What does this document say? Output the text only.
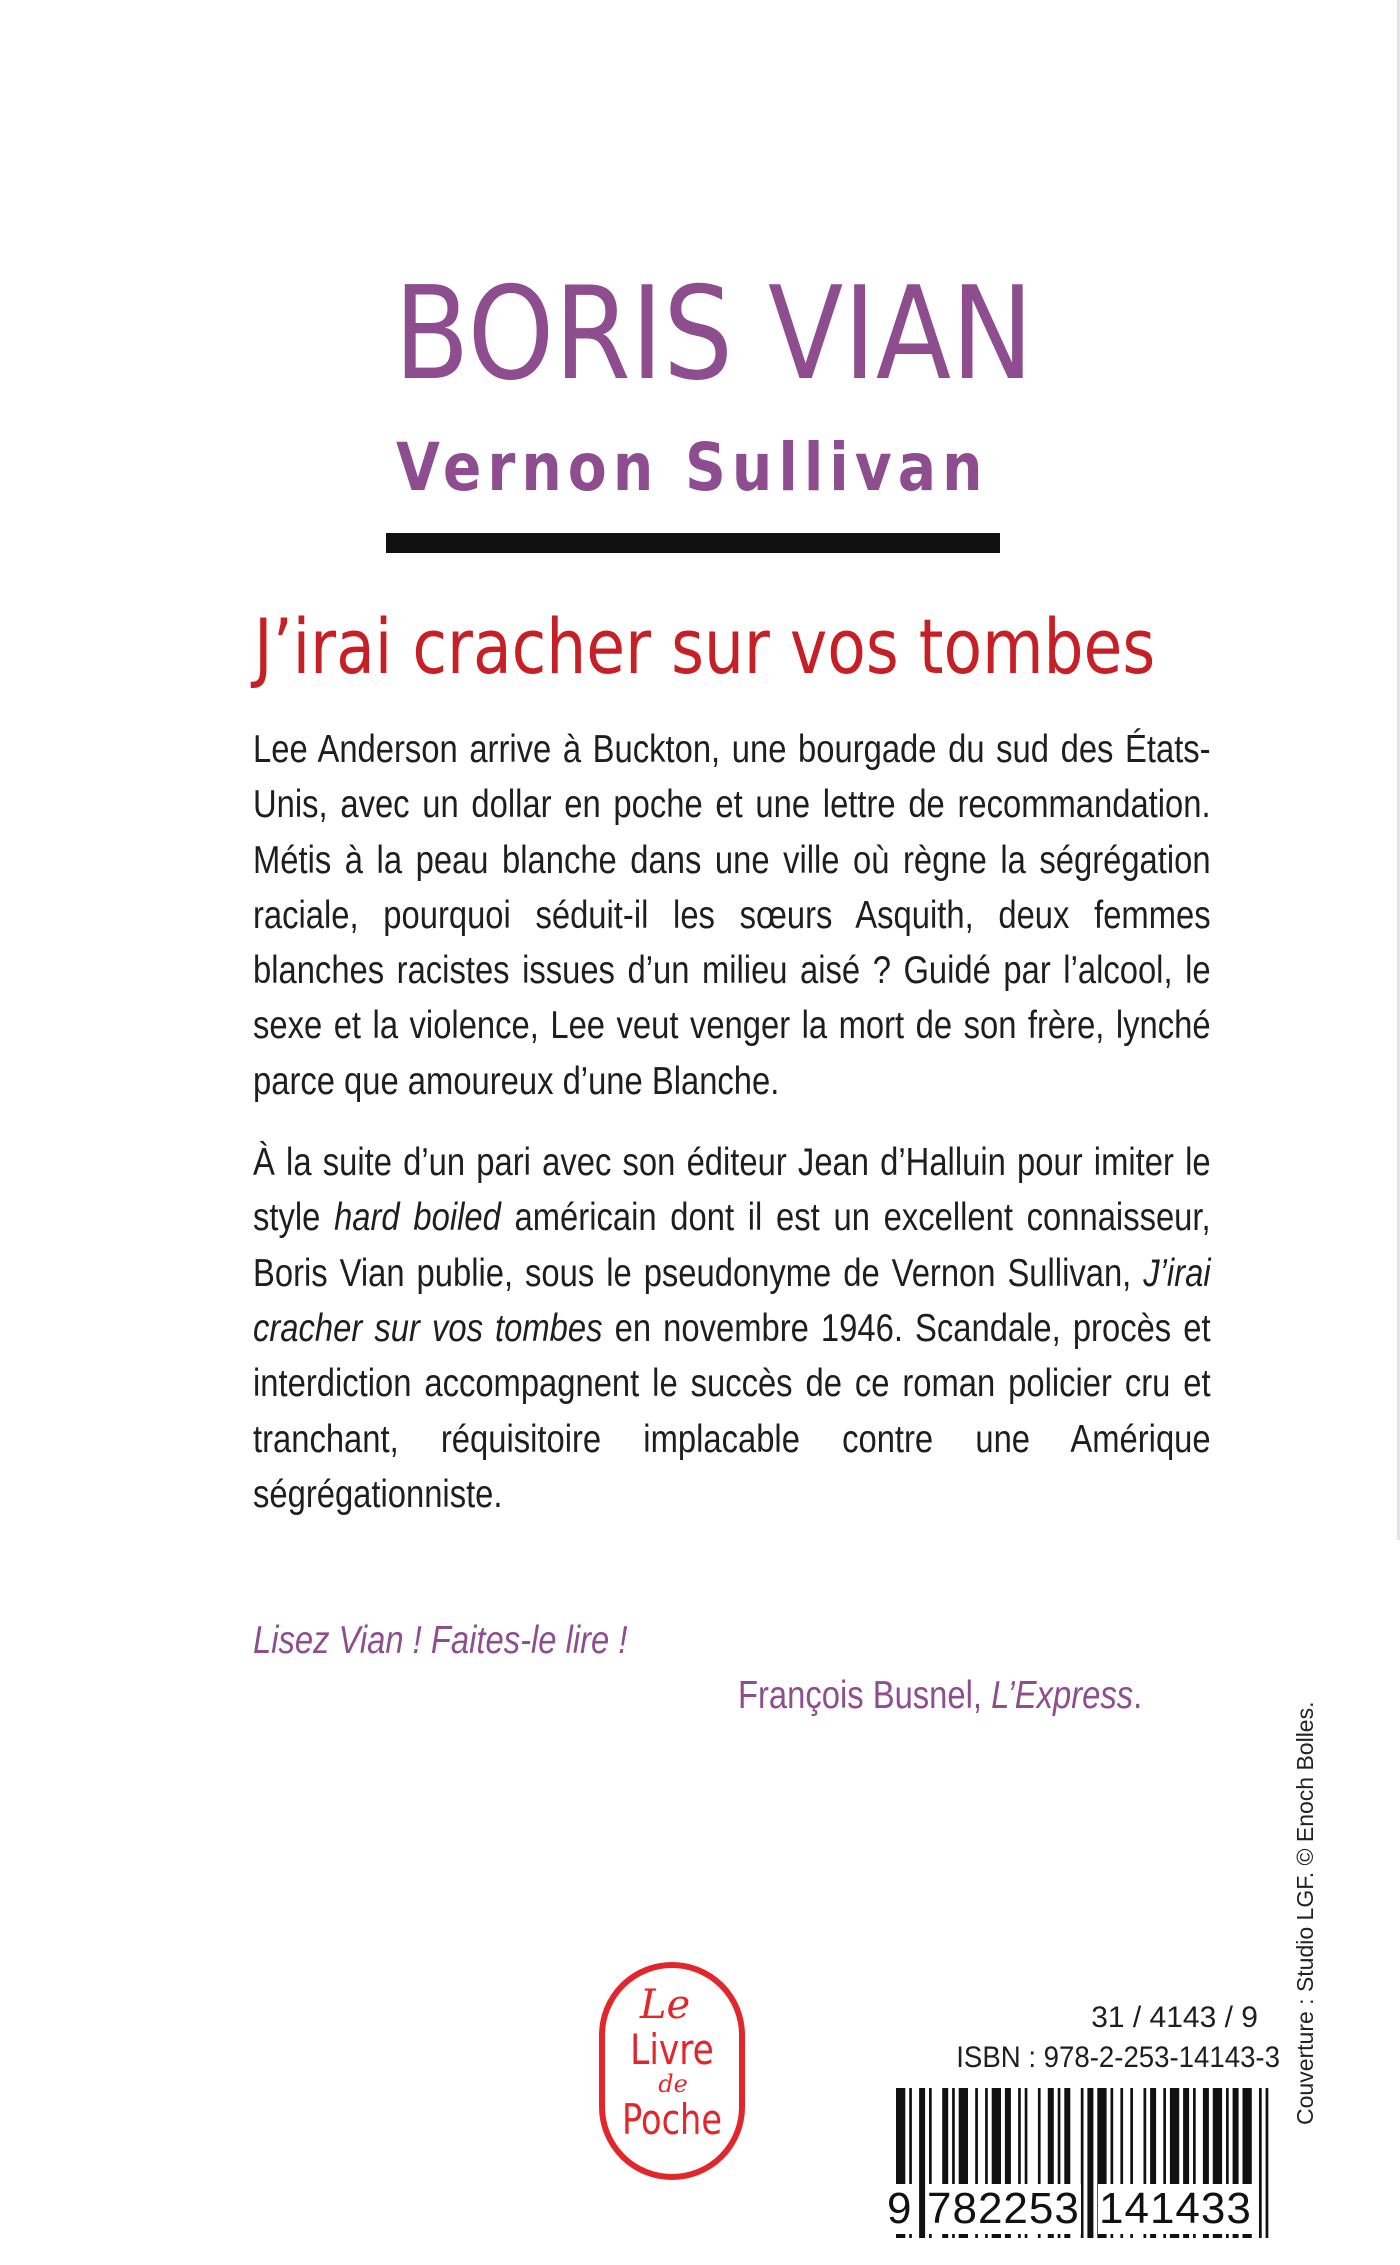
BORIS VIAN
Vernon Sullivan
J’irai cracher sur vos tombes

Lee Anderson arrive à Buckton, une bourgade du sud des États-Unis, avec un dollar en poche et une lettre de recommandation. Métis à la peau blanche dans une ville où règne la ségrégation raciale, pourquoi séduit-il les sœurs Asquith, deux femmes blanches racistes issues d’un milieu aisé ? Guidé par l’alcool, le sexe et la violence, Lee veut venger la mort de son frère, lynché parce que amoureux d’une Blanche.

À la suite d’un pari avec son éditeur Jean d’Halluin pour imiter le style hard boiled américain dont il est un excellent connaisseur, Boris Vian publie, sous le pseudonyme de Vernon Sullivan, J’irai cracher sur vos tombes en novembre 1946. Scandale, procès et interdiction accompagnent le succès de ce roman policier cru et tranchant, réquisitoire implacable contre une Amérique ségrégationniste.

Lisez Vian ! Faites-le lire !
François Busnel, L’Express.
Couverture : Studio LGF. © Enoch Bolles.
Le
Livre
de
Poche
31 / 4143 / 9
ISBN : 978-2-253-14143-3
9 782253 141433
